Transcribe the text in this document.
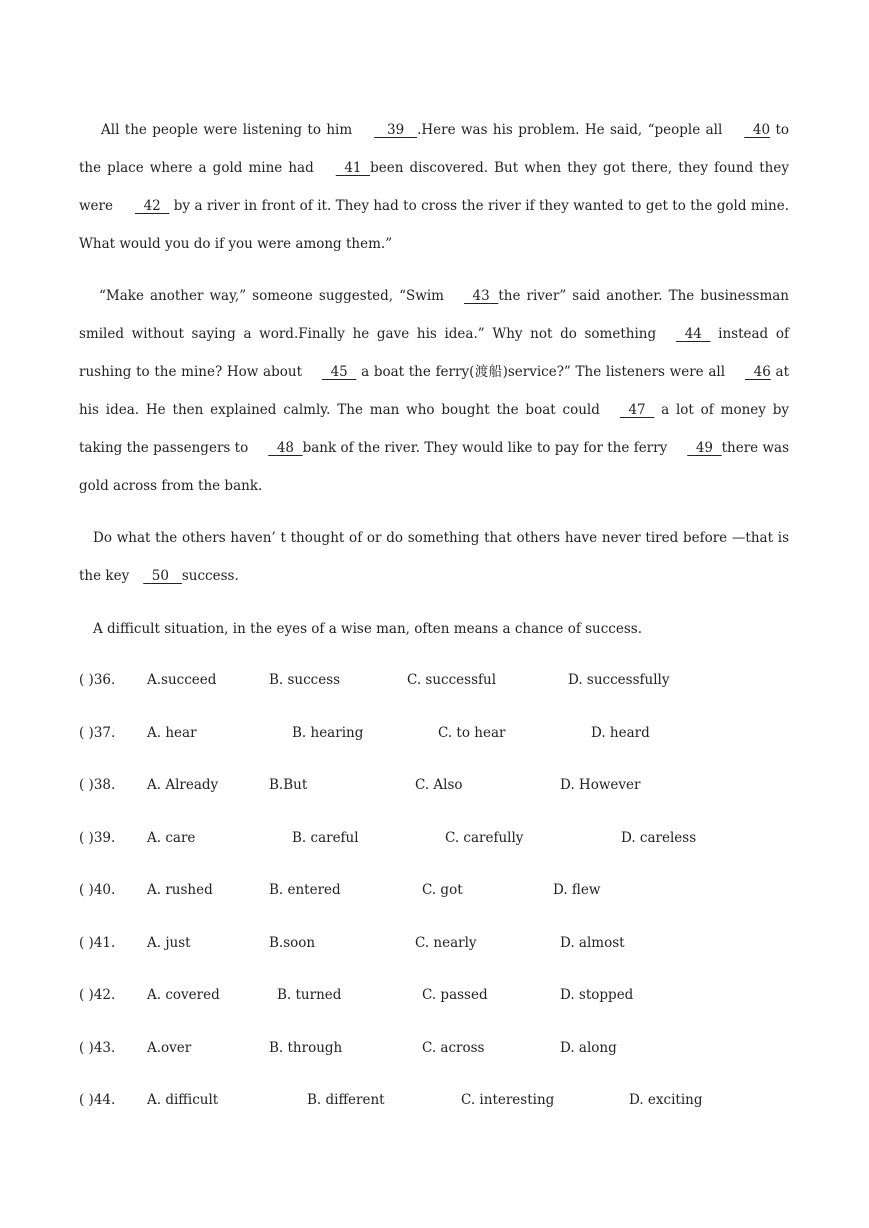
All the people were listening to him	39 .Here was his problem. He said, “people all 40 to the place where a gold mine had 41 been discovered. But when they got there, they found they were 42 by a river in front of it. They had to cross the river if they wanted to get to the gold mine. What would you do if you were among them.”

“Make another way,” someone suggested, “Swim 43 the river” said another. The businessman smiled without saying a word.Finally he gave his idea.” Why not do something 44 instead of rushing to the mine? How about 45 a boat the ferry(渡船)service?” The listeners were all 46 at his idea. He then explained calmly. The man who bought the boat could 47 a lot of money by taking the passengers to 48 bank of the river. They would like to pay for the ferry 49 there was gold across from the bank.

Do what the others haven’ t thought of or do something that others have never tired before —that is the key 50 success.

A difficult situation, in the eyes of a wise man, often means a chance of success.

( )36. A.succeed	B. success	C. successful	D. successfully
( )37. A. hear	B. hearing	C. to hear	D. heard
( )38. A. Already	B.But	C. Also	D. However
( )39. A. care	B. careful	C. carefully	D. careless
( )40. A. rushed	B. entered	C. got	D. flew
( )41. A. just	B.soon	C. nearly	D. almost
( )42. A. covered	B. turned	C. passed	D. stopped
( )43. A.over	B. through	C. across	D. along
( )44. A. difficult	B. different	C. interesting	D. exciting
